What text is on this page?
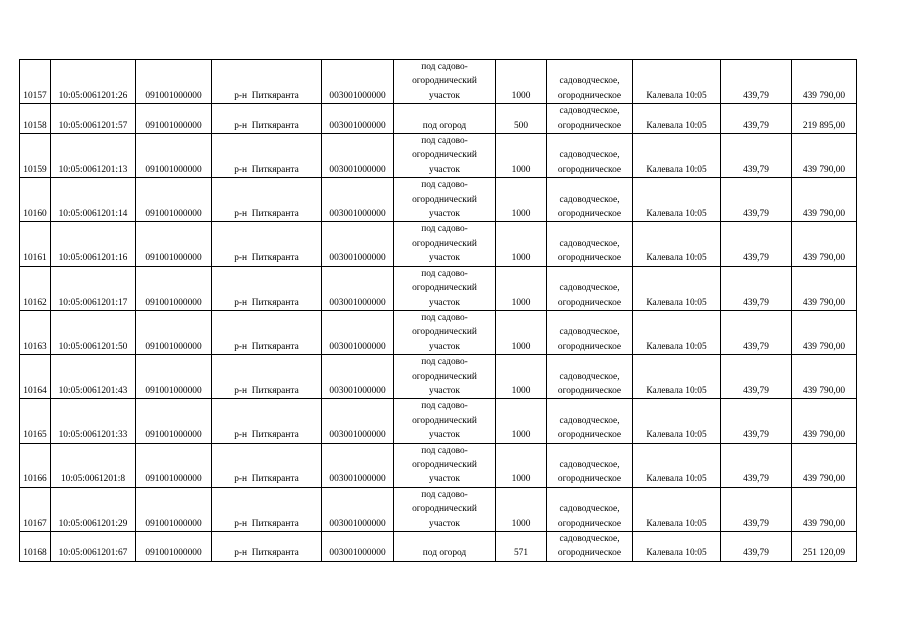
10157	10:05:0061201:26	091001000000	р-н  Питкяранта	003001000000	под садово-огороднический участок	1000	садоводческое, огородническое	Калевала 10:05	439,79	439 790,00
10158	10:05:0061201:57	091001000000	р-н  Питкяранта	003001000000	под огород	500	садоводческое, огородническое	Калевала 10:05	439,79	219 895,00
10159	10:05:0061201:13	091001000000	р-н  Питкяранта	003001000000	под садово-огороднический участок	1000	садоводческое, огородническое	Калевала 10:05	439,79	439 790,00
10160	10:05:0061201:14	091001000000	р-н  Питкяранта	003001000000	под садово-огороднический участок	1000	садоводческое, огородническое	Калевала 10:05	439,79	439 790,00
10161	10:05:0061201:16	091001000000	р-н  Питкяранта	003001000000	под садово-огороднический участок	1000	садоводческое, огородническое	Калевала 10:05	439,79	439 790,00
10162	10:05:0061201:17	091001000000	р-н  Питкяранта	003001000000	под садово-огороднический участок	1000	садоводческое, огородническое	Калевала 10:05	439,79	439 790,00
10163	10:05:0061201:50	091001000000	р-н  Питкяранта	003001000000	под садово-огороднический участок	1000	садоводческое, огородническое	Калевала 10:05	439,79	439 790,00
10164	10:05:0061201:43	091001000000	р-н  Питкяранта	003001000000	под садово-огороднический участок	1000	садоводческое, огородническое	Калевала 10:05	439,79	439 790,00
10165	10:05:0061201:33	091001000000	р-н  Питкяранта	003001000000	под садово-огороднический участок	1000	садоводческое, огородническое	Калевала 10:05	439,79	439 790,00
10166	10:05:0061201:8	091001000000	р-н  Питкяранта	003001000000	под садово-огороднический участок	1000	садоводческое, огородническое	Калевала 10:05	439,79	439 790,00
10167	10:05:0061201:29	091001000000	р-н  Питкяранта	003001000000	под садово-огороднический участок	1000	садоводческое, огородническое	Калевала 10:05	439,79	439 790,00
10168	10:05:0061201:67	091001000000	р-н  Питкяранта	003001000000	под огород	571	садоводческое, огородническое	Калевала 10:05	439,79	251 120,09
